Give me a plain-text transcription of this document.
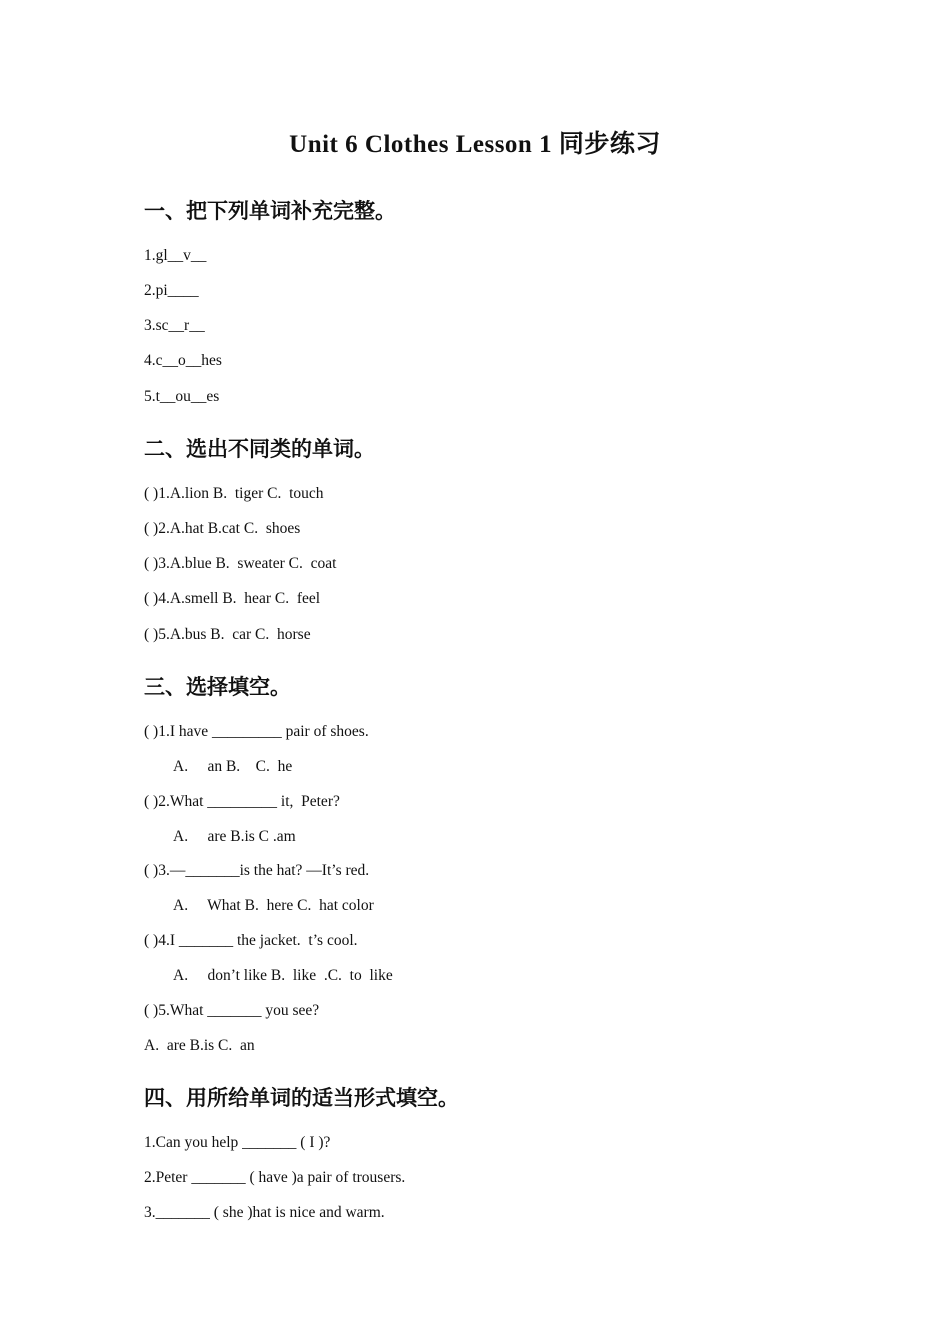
Unit 6 Clothes Lesson 1 同步练习
一、把下列单词补充完整。
1.gl__v__
2.pi____
3.sc__r__
4.c__o__hes
5.t__ou__es
二、选出不同类的单词。
( )1.A.lion B.  tiger C.  touch
( )2.A.hat B.cat C.  shoes
( )3.A.blue B.  sweater C.  coat
( )4.A.smell B.  hear C.  feel
( )5.A.bus B.  car C.  horse
三、选择填空。
( )1.I have _________ pair of shoes.
A.     an B.    C.  he
( )2.What _________ it,  Peter?
A.     are B.is C .am
( )3.—_______is the hat? —It’s red.
A.     What B.  here C.  hat color
( )4.I _______ the jacket.  t’s cool.
A.     don’t like B.  like  .C.  to  like
( )5.What _______ you see?
A.  are B.is C.  an
四、用所给单词的适当形式填空。
1.Can you help _______ ( I )?
2.Peter _______ ( have )a pair of trousers.
3._______ ( she )hat is nice and warm.
